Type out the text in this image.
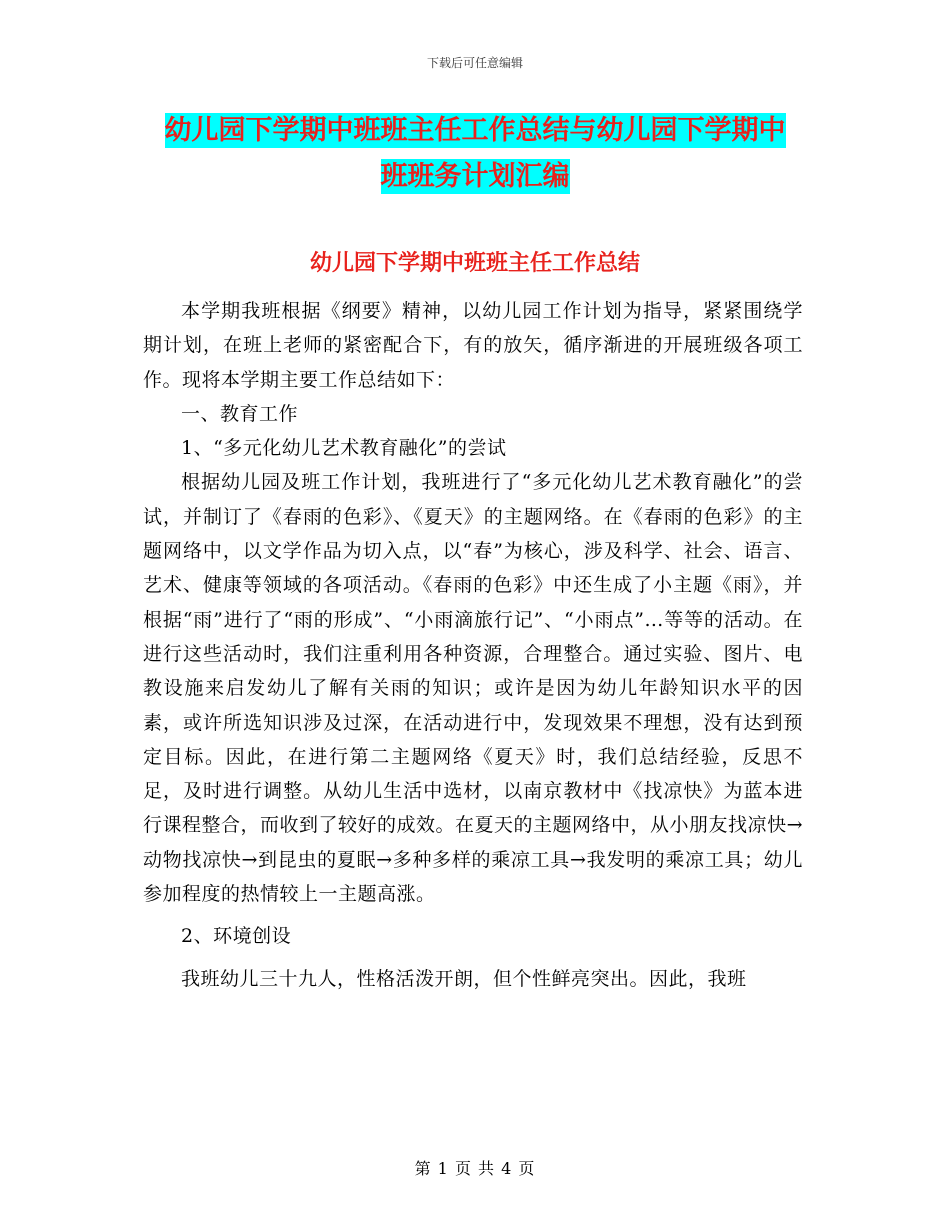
下载后可任意编辑
幼儿园下学期中班班主任工作总结与幼儿园下学期中
班班务计划汇编
幼儿园下学期中班班主任工作总结

本学期我班根据《纲要》精神，以幼儿园工作计划为指导，紧紧围绕学期计划，在班上老师的紧密配合下，有的放矢，循序渐进的开展班级各项工作。现将本学期主要工作总结如下：

一、教育工作

1、“多元化幼儿艺术教育融化”的尝试

根据幼儿园及班工作计划，我班进行了“多元化幼儿艺术教育融化”的尝试，并制订了《春雨的色彩》、《夏天》的主题网络。在《春雨的色彩》的主题网络中，以文学作品为切入点，以“春”为核心，涉及科学、社会、语言、艺术、健康等领域的各项活动。《春雨的色彩》中还生成了小主题《雨》，并根据“雨”进行了“雨的形成”、“小雨滴旅行记”、“小雨点”…等等的活动。在进行这些活动时，我们注重利用各种资源，合理整合。通过实验、图片、电教设施来启发幼儿了解有关雨的知识；或许是因为幼儿年龄知识水平的因素，或许所选知识涉及过深，在活动进行中，发现效果不理想，没有达到预定目标。因此，在进行第二主题网络《夏天》时，我们总结经验，反思不足，及时进行调整。从幼儿生活中选材，以南京教材中《找凉快》为蓝本进行课程整合，而收到了较好的成效。在夏天的主题网络中，从小朋友找凉快→动物找凉快→到昆虫的夏眠→多种多样的乘凉工具→我发明的乘凉工具；幼儿参加程度的热情较上一主题高涨。

2、环境创设

我班幼儿三十九人，性格活泼开朗，但个性鲜亮突出。因此，我班

第 1 页 共 4 页
